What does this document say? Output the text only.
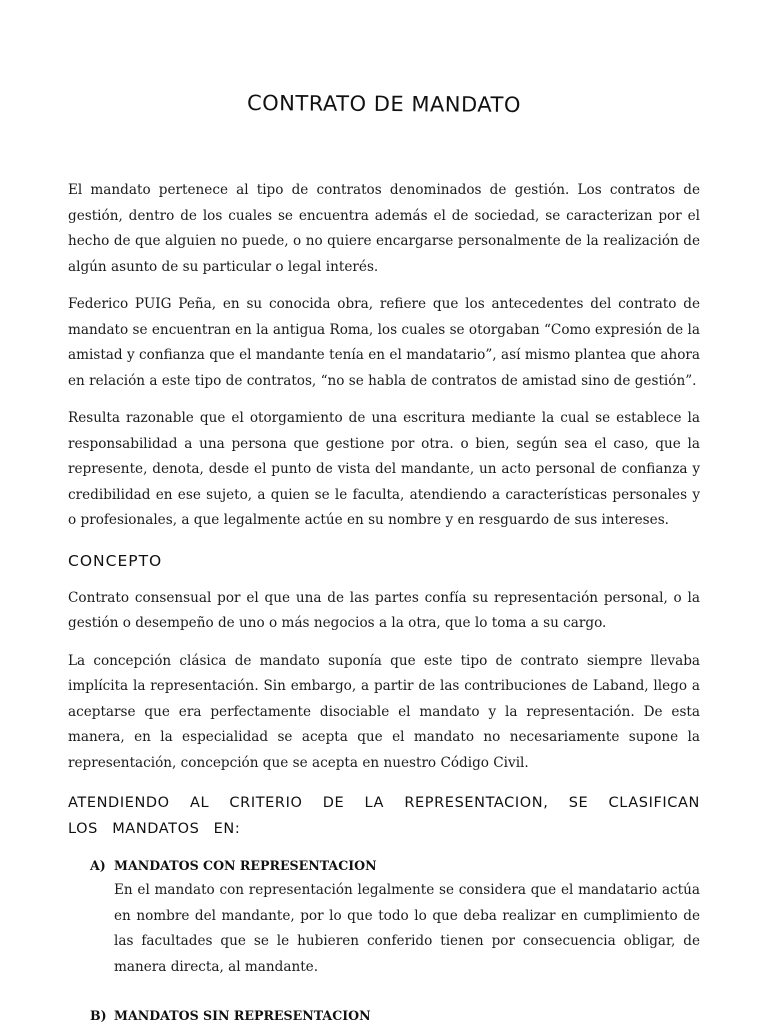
CONTRATO DE MANDATO

El mandato pertenece al tipo de contratos denominados de gestión. Los contratos de gestión, dentro de los cuales se encuentra además el de sociedad, se caracterizan por el hecho de que alguien no puede, o no quiere encargarse personalmente de la realización de algún asunto de su particular o legal interés.

Federico PUIG Peña, en su conocida obra, refiere que los antecedentes del contrato de mandato se encuentran en la antigua Roma, los cuales se otorgaban “Como expresión de la amistad y confianza que el mandante tenía en el mandatario”, así mismo plantea que ahora en relación a este tipo de contratos, “no se habla de contratos de amistad sino de gestión”.

Resulta razonable que el otorgamiento de una escritura mediante la cual se establece la responsabilidad a una persona que gestione por otra. o bien, según sea el caso, que la represente, denota, desde el punto de vista del mandante, un acto personal de confianza y credibilidad en ese sujeto, a quien se le faculta, atendiendo a características personales y o profesionales, a que legalmente actúe en su nombre y en resguardo de sus intereses.

CONCEPTO

Contrato consensual por el que una de las partes confía su representación personal, o la gestión o desempeño de uno o más negocios a la otra, que lo toma a su cargo.

La concepción clásica de mandato suponía que este tipo de contrato siempre llevaba implícita la representación. Sin embargo, a partir de las contribuciones de Laband, llego a aceptarse que era perfectamente disociable el mandato y la representación. De esta manera, en la especialidad se acepta que el mandato no necesariamente supone la representación, concepción que se acepta en nuestro Código Civil.

ATENDIENDO AL CRITERIO DE LA REPRESENTACION, SE CLASIFICAN LOS MANDATOS EN:
A) MANDATOS CON REPRESENTACION
En el mandato con representación legalmente se considera que el mandatario actúa en nombre del mandante, por lo que todo lo que deba realizar en cumplimiento de las facultades que se le hubieren conferido tienen por consecuencia obligar, de manera directa, al mandante.
B) MANDATOS SIN REPRESENTACION
